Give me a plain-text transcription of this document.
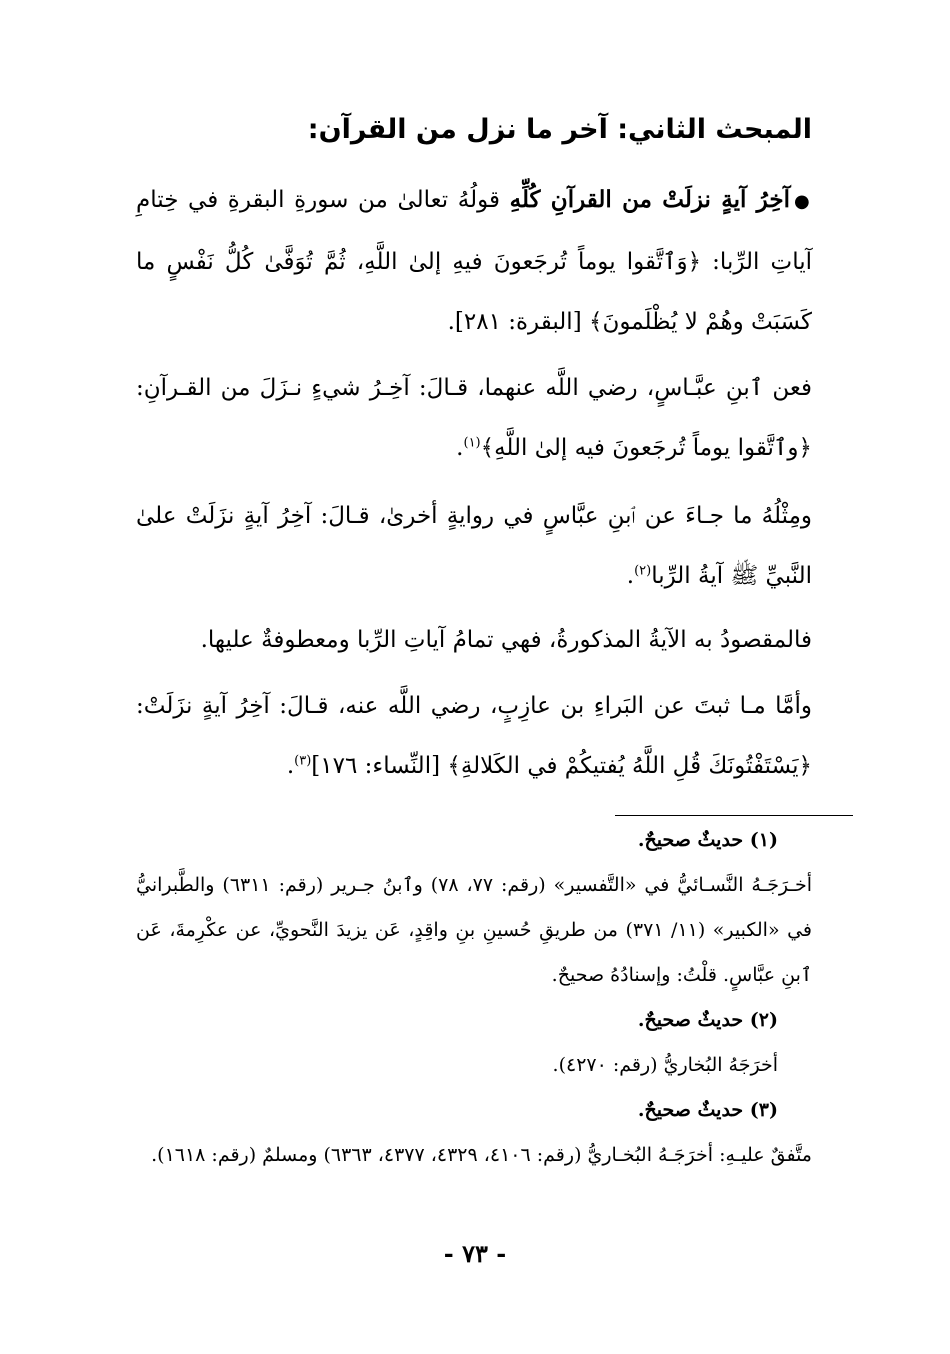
المبحث الثاني: آخر ما نزل من القرآن:
●آخِرُ آيةٍ نزلَتْ من القرآنِ كُلِّهِ قولُهُ تعالىٰ من سورةِ البقرةِ في خِتامِ آياتِ الرِّبا: ﴿وَٱتَّقوا يوماً تُرجَعونَ فيهِ إلىٰ اللَّهِ، ثُمَّ تُوَفَّىٰ كُلُّ نَفْسٍ ما كَسَبَتْ وهُمْ لا يُظْلَمونَ﴾ [البقرة: ٢٨١].
فعن ٱبنِ عبَّـاسٍ، رضي اللَّه عنهما، قـالَ: آخِـرُ شيءٍ نـزَلَ من القـرآنِ: ﴿وٱتَّقوا يوماً تُرجَعونَ فيه إلىٰ اللَّهِ﴾$^{(١)}$.
ومِثْلُهُ ما جـاءَ عن ٱبنِ عبَّاسٍ في روايةٍ أخرىٰ، قـالَ: آخِرُ آيةٍ نزَلَتْ علىٰ النَّبيِّ ﷺ آيةُ الرِّبا$^{(٢)}$.
فالمقصودُ به الآيةُ المذكورةُ، فهي تمامُ آياتِ الرِّبا ومعطوفةٌ عليها.
وأمَّا مـا ثبتَ عن البَراءِ بن عازِبٍ، رضي اللَّه عنه، قـالَ: آخِرُ آيةٍ نزَلَتْ: ﴿يَسْتَفْتُونَكَ قُلِ اللَّهُ يُفتيكُمْ في الكَلالةِ﴾ [النِّساء: ١٧٦]$^{(٣)}$.
(١) حديثٌ صحيحٌ.
أخـرَجَـهُ النَّسـائيُّ في «التَّفسير» (رقم: ٧٧، ٧٨) وٱبنُ جـرير (رقم: ٦٣١١) والطَّبرانيُّ في «الكبير» (١١/ ٣٧١) من طريقِ حُسينِ بنِ واقِدٍ، عَن يزيدَ النَّحويِّ، عن عكْرِمةَ، عَن ٱبنِ عبَّاسٍ. قلْتُ: وإسنادُهُ صحيحٌ.
(٢) حديثٌ صحيحٌ.
أخرَجَهُ البُخاريُّ (رقم: ٤٢٧٠).
(٣) حديثٌ صحيحٌ.
متَّفقٌ عليـهِ: أخرَجَـهُ البُخـاريُّ (رقم: ٤١٠٦، ٤٣٢٩، ٤٣٧٧، ٦٣٦٣) ومسلمٌ (رقم: ١٦١٨).
- ٧٣ -
